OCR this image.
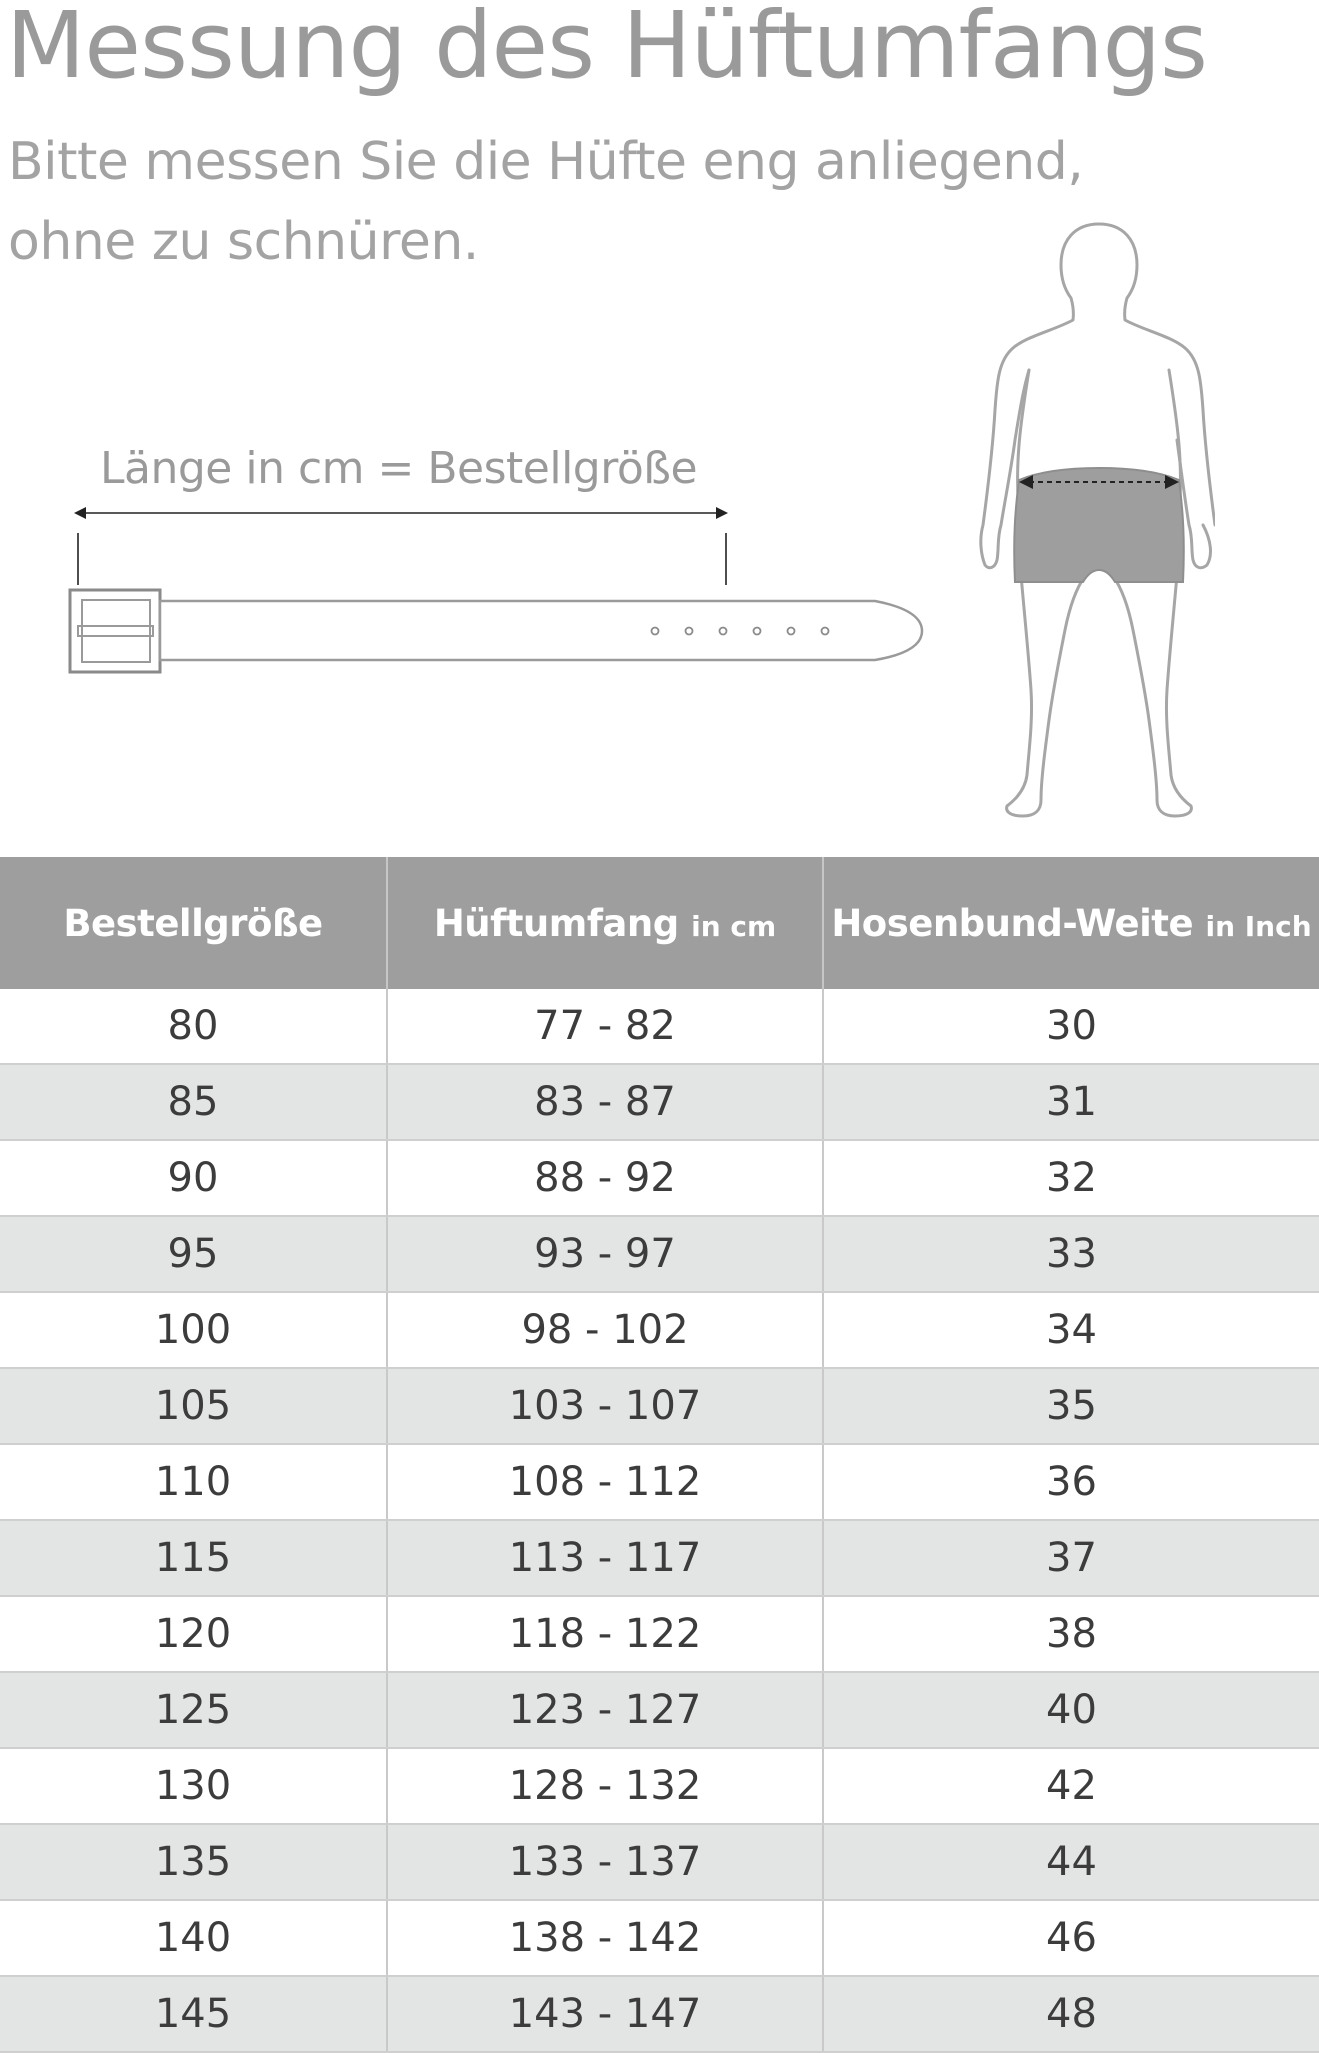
Messung des Hüftumfangs

Bitte messen Sie die Hüfte eng anliegend, ohne zu schnüren.

Länge in cm = Bestellgröße
Bestellgröße	Hüftumfang in cm	Hosenbund-Weite in Inch
80	77 - 82	30
85	83 - 87	31
90	88 - 92	32
95	93 - 97	33
100	98 - 102	34
105	103 - 107	35
110	108 - 112	36
115	113 - 117	37
120	118 - 122	38
125	123 - 127	40
130	128 - 132	42
135	133 - 137	44
140	138 - 142	46
145	143 - 147	48
